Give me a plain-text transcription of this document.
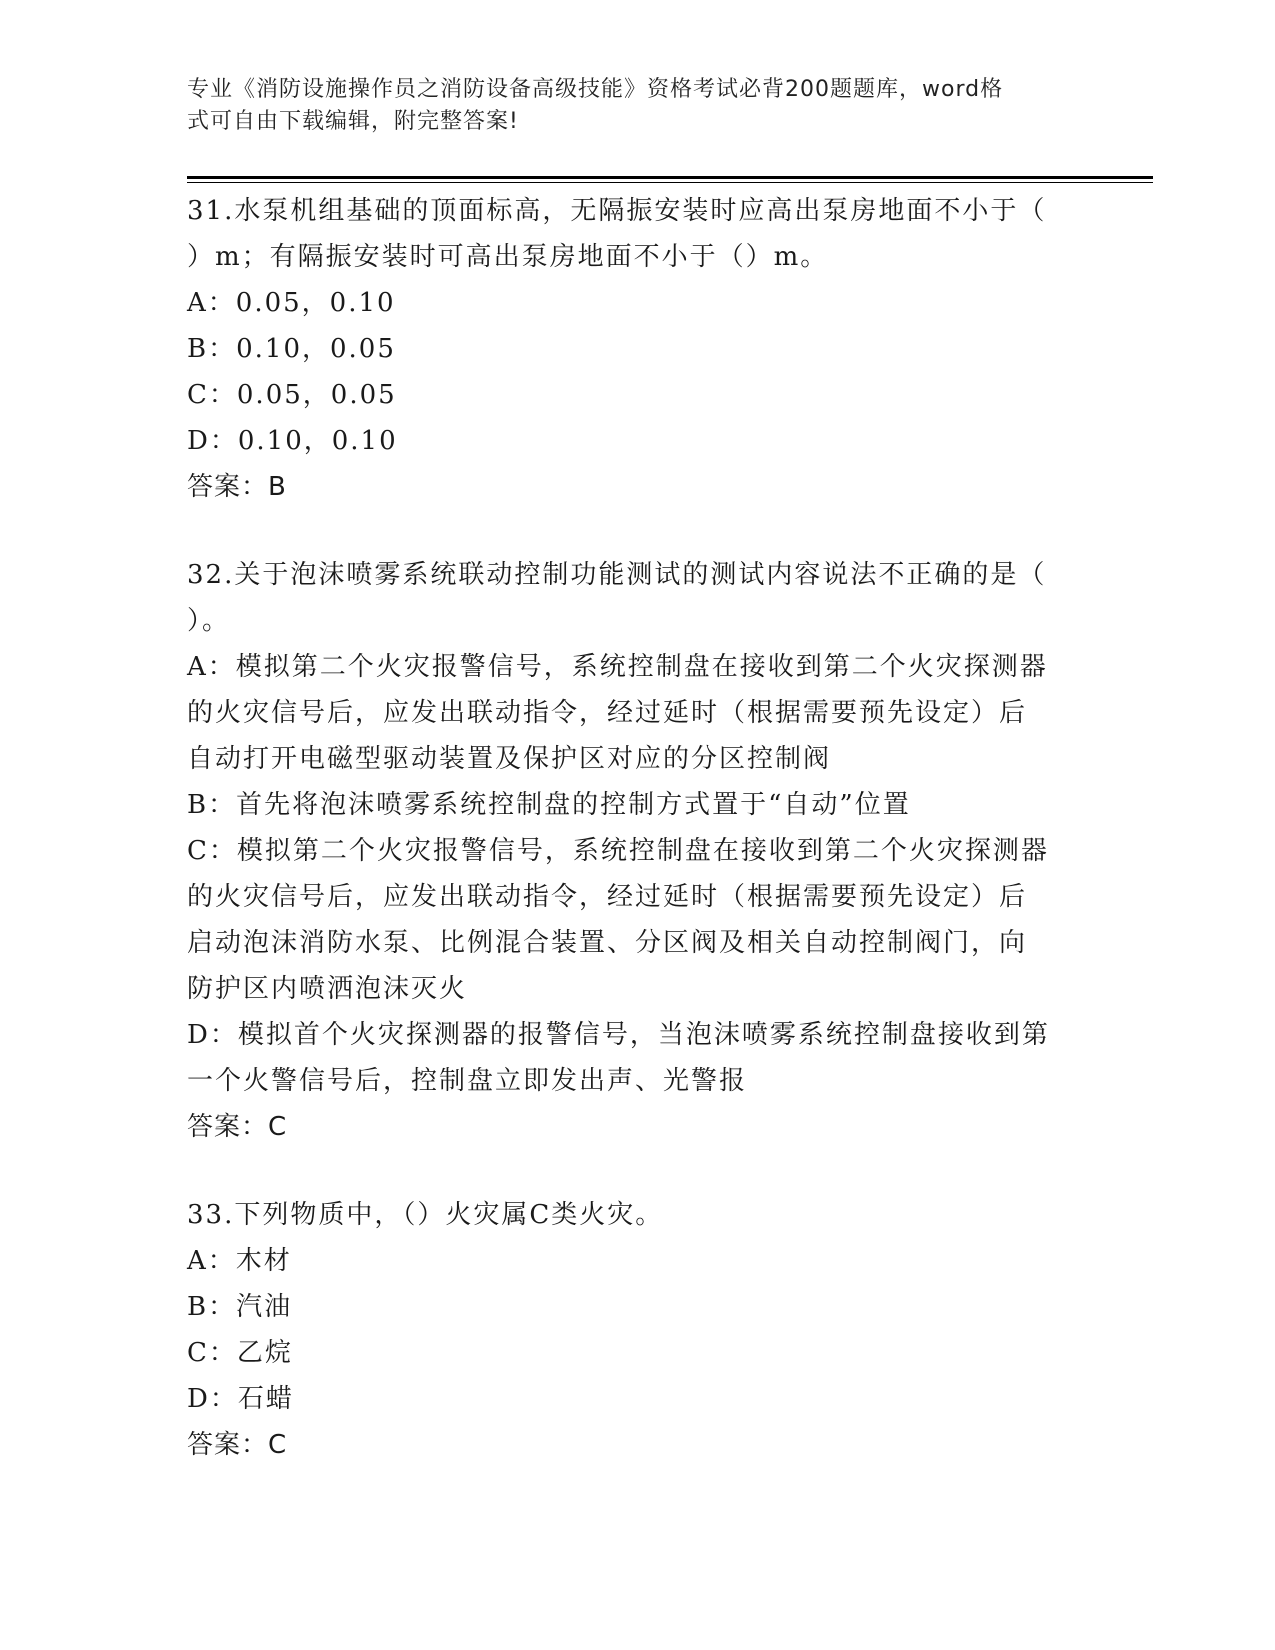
专业《消防设施操作员之消防设备高级技能》资格考试必背200题题库，word格
式可自由下载编辑，附完整答案!
31.水泵机组基础的顶面标高，无隔振安装时应高出泵房地面不小于（
）m；有隔振安装时可高出泵房地面不小于（）m。
A：0.05，0.10
B：0.10，0.05
C：0.05，0.05
D：0.10，0.10
答案：B
32.关于泡沫喷雾系统联动控制功能测试的测试内容说法不正确的是（
）。
A：模拟第二个火灾报警信号，系统控制盘在接收到第二个火灾探测器
的火灾信号后，应发出联动指令，经过延时（根据需要预先设定）后
自动打开电磁型驱动装置及保护区对应的分区控制阀
B：首先将泡沫喷雾系统控制盘的控制方式置于“自动”位置
C：模拟第二个火灾报警信号，系统控制盘在接收到第二个火灾探测器
的火灾信号后，应发出联动指令，经过延时（根据需要预先设定）后
启动泡沫消防水泵、比例混合装置、分区阀及相关自动控制阀门，向
防护区内喷洒泡沫灭火
D：模拟首个火灾探测器的报警信号，当泡沫喷雾系统控制盘接收到第
一个火警信号后，控制盘立即发出声、光警报
答案：C
33.下列物质中，（）火灾属C类火灾。
A：木材
B：汽油
C：乙烷
D：石蜡
答案：C
